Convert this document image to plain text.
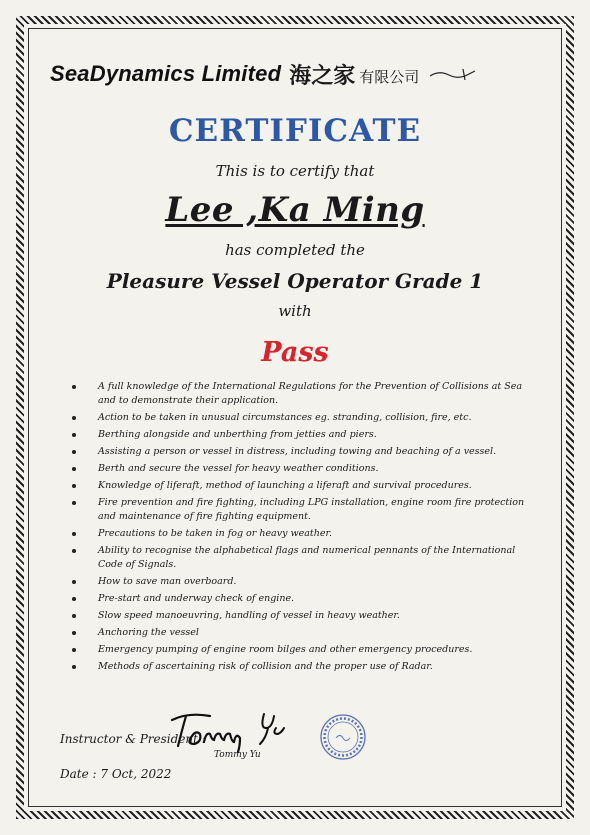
SeaDynamics Limited 海之家 有限公司
CERTIFICATE
This is to certify that
Lee ,Ka Ming
has completed the
Pleasure Vessel Operator Grade 1
with
Pass
A full knowledge of the International Regulations for the Prevention of Collisions at Sea and to demonstrate their application.
Action to be taken in unusual circumstances eg. stranding, collision, fire, etc.
Berthing alongside and unberthing from jetties and piers.
Assisting a person or vessel in distress, including towing and beaching of a vessel.
Berth and secure the vessel for heavy weather conditions.
Knowledge of liferaft, method of launching a liferaft and survival procedures.
Fire prevention and fire fighting, including LPG installation, engine room fire protection and maintenance of fire fighting equipment.
Precautions to be taken in fog or heavy weather.
Ability to recognise the alphabetical flags and numerical pennants of the International Code of Signals.
How to save man overboard.
Pre-start and underway check of engine.
Slow speed manoeuvring, handling of vessel in heavy weather.
Anchoring the vessel
Emergency pumping of engine room bilges and other emergency procedures.
Methods of ascertaining risk of collision and the proper use of Radar.
Instructor & President :
Tommy Yu
Date : 7 Oct, 2022
